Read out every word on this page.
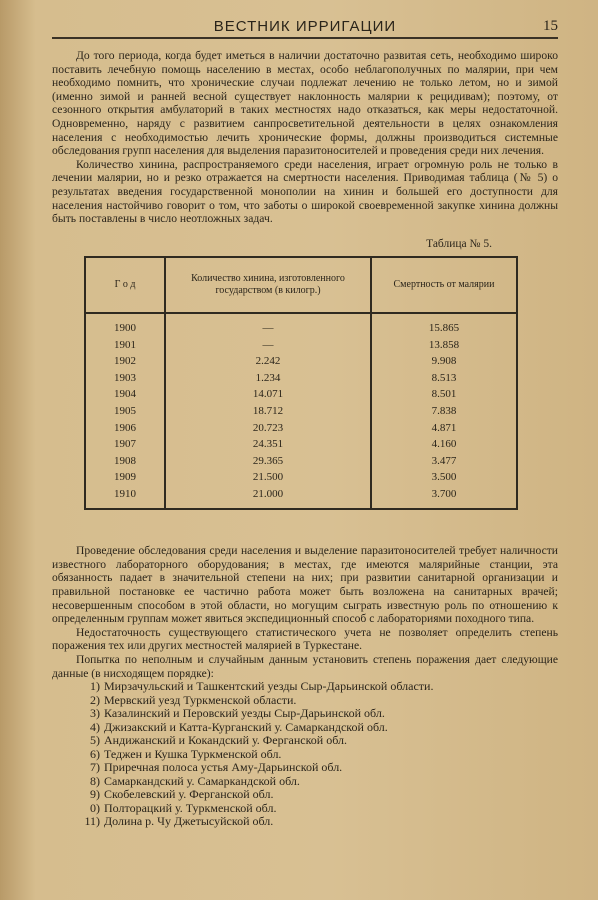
ВЕСТНИК ИРРИГАЦИИ	15

До того периода, когда будет иметься в наличии достаточно развитая сеть, необходимо широко поставить лечебную помощь населению в местах, особо неблагополучных по малярии, при чем необходимо помнить, что хронические случаи подлежат лечению не только летом, но и зимой (именно зимой и ранней весной существует наклонность малярии к рецидивам); поэтому, от сезонного открытия амбулаторий в таких местностях надо отказаться, как меры недостаточной. Одновременно, наряду с развитием санпросветительной деятельности в целях ознакомления населения с необходимостью лечить хронические формы, должны производиться системные обследования групп населения для выделения паразитоносителей и проведения среди них лечения.

Количество хинина, распространяемого среди населения, играет огромную роль не только в лечении малярии, но и резко отражается на смертности населения. Приводимая таблица (№ 5) о результатах введения государственной монополии на хинин и большей его доступности для населения настойчиво говорит о том, что заботы о широкой своевременной закупке хинина должны быть поставлены в число неотложных задач.

Таблица № 5.
Г о д	Количество хинина, изготовленного государством (в килогр.)	Смертность от малярии
1900	—	15.865
1901	—	13.858
1902	2.242	9.908
1903	1.234	8.513
1904	14.071	8.501
1905	18.712	7.838
1906	20.723	4.871
1907	24.351	4.160
1908	29.365	3.477
1909	21.500	3.500
1910	21.000	3.700

Проведение обследования среди населения и выделение паразитоносителей требует наличности известного лабораторного оборудования; в местах, где имеются малярийные станции, эта обязанность падает в значительной степени на них; при развитии санитарной организации и правильной постановке ее частично работа может быть возложена на санитарных врачей; несовершенным способом в этой области, но могущим сыграть известную роль по отношению к определенным группам может явиться экспедиционный способ с лабораториями походного типа.

Недостаточность существующего статистического учета не позволяет определить степень поражения тех или других местностей малярией в Туркестане.

Попытка по неполным и случайным данным установить степень поражения дает следующие данные (в нисходящем порядке):

1) Мирзачульский и Ташкентский уезды Сыр-Дарьинской области.
2) Мервский уезд Туркменской области.
3) Казалинский и Перовский уезды Сыр-Дарьинской обл.
4) Джизакский и Катта-Курганский у. Самаркандской обл.
5) Андижанский и Кокандский у. Ферганской обл.
6) Теджен и Кушка Туркменской обл.
7) Приречная полоса устья Аму-Дарьинской обл.
8) Самаркандский у. Самаркандской обл.
9) Скобелевский у. Ферганской обл.
0) Полторацкий у. Туркменской обл.
11) Долина р. Чу Джетысуйской обл.
